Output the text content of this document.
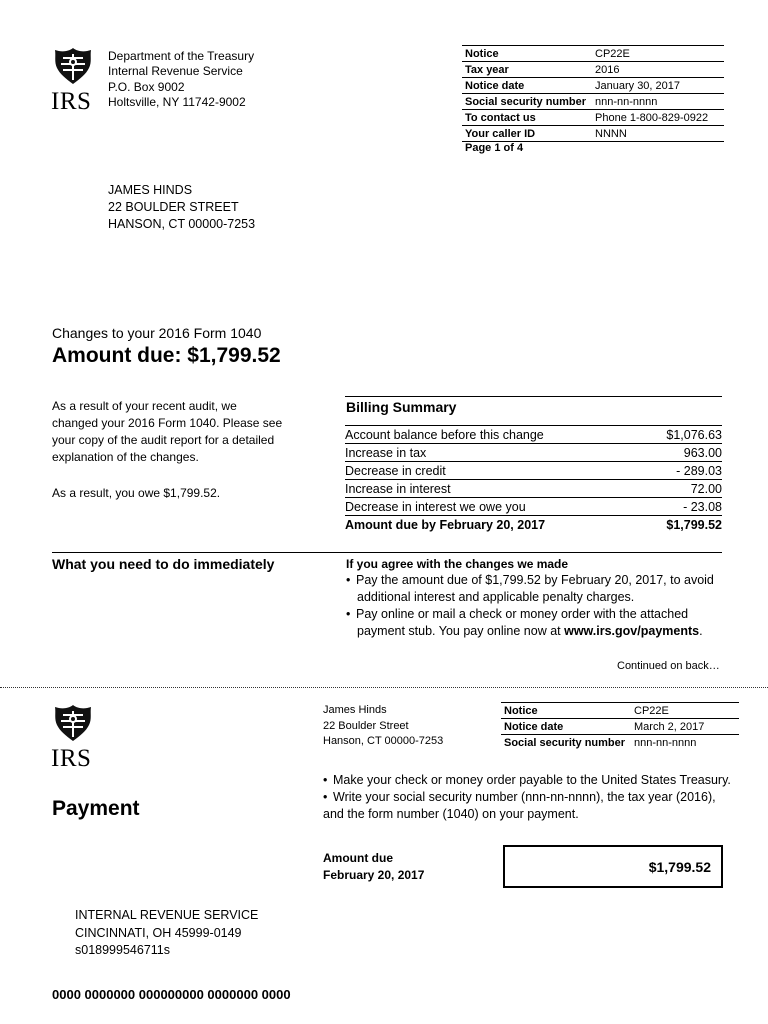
IRS
Department of the Treasury
Internal Revenue Service
P.O. Box 9002
Holtsville, NY 11742-9002
Notice	CP22E
Tax year	2016
Notice date	January 30, 2017
Social security number	nnn-nn-nnnn
To contact us	Phone 1-800-829-0922
Your caller ID	NNNN
Page 1 of 4
JAMES HINDS
22 BOULDER STREET
HANSON, CT 00000-7253
Changes to your 2016 Form 1040
Amount due: $1,799.52
As a result of your recent audit, we
changed your 2016 Form 1040. Please see
your copy of the audit report for a detailed
explanation of the changes.
As a result, you owe $1,799.52.
Billing Summary
Account balance before this change	$1,076.63
Increase in tax	963.00
Decrease in credit	- 289.03
Increase in interest	72.00
Decrease in interest we owe you	- 23.08
Amount due by February 20, 2017	$1,799.52
What you need to do immediately	If you agree with the changes we made
• Pay the amount due of $1,799.52 by February 20, 2017, to avoid
additional interest and applicable penalty charges.
• Pay online or mail a check or money order with the attached
payment stub. You pay online now at www.irs.gov/payments.
Continued on back…
IRS
James Hinds
22 Boulder Street
Hanson, CT 00000-7253
Notice	CP22E
Notice date	March 2, 2017
Social security number	nnn-nn-nnnn
• Make your check or money order payable to the United States Treasury.
• Write your social security number (nnn-nn-nnnn), the tax year (2016),
and the form number (1040) on your payment.
Payment
Amount due
February 20, 2017	$1,799.52
INTERNAL REVENUE SERVICE
CINCINNATI, OH 45999-0149
s018999546711s
0000 0000000 000000000 0000000 0000
